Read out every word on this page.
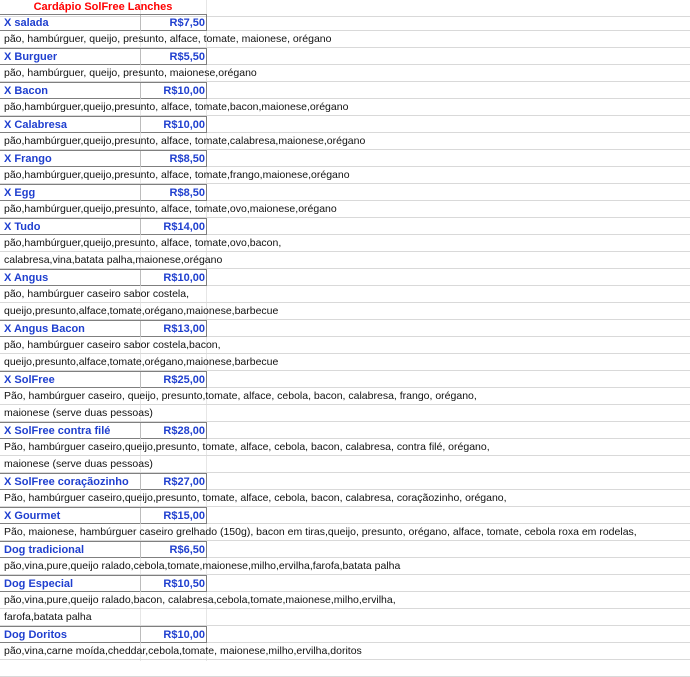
Cardápio SolFree Lanches
X salada	R$7,50
pão, hambúrguer, queijo, presunto, alface, tomate, maionese, orégano
X Burguer	R$5,50
pão, hambúrguer, queijo, presunto, maionese,orégano
X Bacon	R$10,00
pão,hambúrguer,queijo,presunto, alface, tomate,bacon,maionese,orégano
X Calabresa	R$10,00
pão,hambúrguer,queijo,presunto, alface, tomate,calabresa,maionese,orégano
X Frango	R$8,50
pão,hambúrguer,queijo,presunto, alface, tomate,frango,maionese,orégano
X Egg	R$8,50
pão,hambúrguer,queijo,presunto, alface, tomate,ovo,maionese,orégano
X Tudo	R$14,00
pão,hambúrguer,queijo,presunto, alface, tomate,ovo,bacon,
calabresa,vina,batata palha,maionese,orégano
X Angus	R$10,00
pão, hambúrguer caseiro sabor costela,
queijo,presunto,alface,tomate,orégano,maionese,barbecue
X Angus Bacon	R$13,00
pão, hambúrguer caseiro sabor costela,bacon,
queijo,presunto,alface,tomate,orégano,maionese,barbecue
X SolFree	R$25,00
Pão, hambúrguer caseiro, queijo, presunto,tomate, alface, cebola, bacon, calabresa, frango, orégano,
maionese (serve duas pessoas)
X SolFree contra filé	R$28,00
Pão, hambúrguer caseiro,queijo,presunto, tomate, alface, cebola, bacon, calabresa, contra filé, orégano,
maionese (serve duas pessoas)
X SolFree coraçãozinho	R$27,00
Pão, hambúrguer caseiro,queijo,presunto, tomate, alface, cebola, bacon, calabresa, coraçãozinho, orégano,
X Gourmet	R$15,00
Pão, maionese, hambúrguer caseiro grelhado (150g), bacon em tiras,queijo, presunto, orégano, alface, tomate, cebola roxa em rodelas,
Dog tradicional	R$6,50
pão,vina,pure,queijo ralado,cebola,tomate,maionese,milho,ervilha,farofa,batata palha
Dog Especial	R$10,50
pão,vina,pure,queijo ralado,bacon, calabresa,cebola,tomate,maionese,milho,ervilha,
farofa,batata palha
Dog Doritos	R$10,00
pão,vina,carne moída,cheddar,cebola,tomate, maionese,milho,ervilha,doritos
